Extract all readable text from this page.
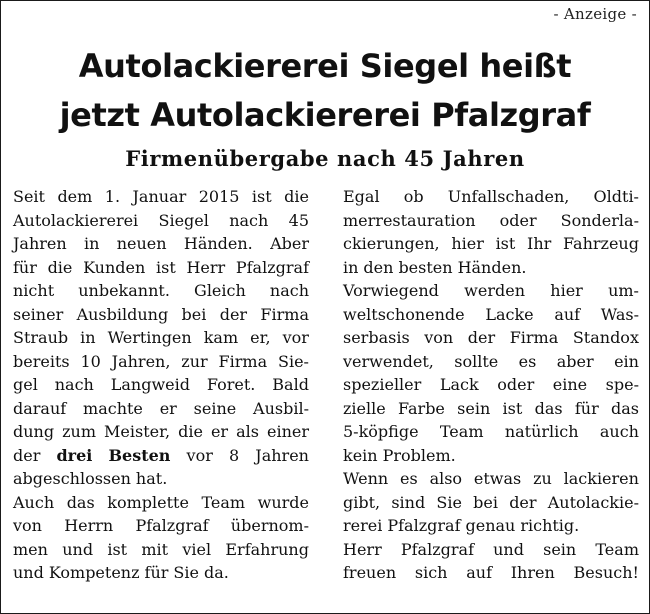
- Anzeige -
Autolackiererei Siegel heißt
jetzt Autolackiererei Pfalzgraf
Firmenübergabe nach 45 Jahren
Seit dem 1. Januar 2015 ist die
Autolackiererei Siegel nach 45
Jahren in neuen Händen. Aber
für die Kunden ist Herr Pfalzgraf
nicht unbekannt. Gleich nach
seiner Ausbildung bei der Firma
Straub in Wertingen kam er, vor
bereits 10 Jahren, zur Firma Sie-
gel nach Langweid Foret. Bald
darauf machte er seine Ausbil-
dung zum Meister, die er als einer
der drei Besten vor 8 Jahren
abgeschlossen hat.
Auch das komplette Team wurde
von Herrn Pfalzgraf übernom-
men und ist mit viel Erfahrung
und Kompetenz für Sie da.
Egal ob Unfallschaden, Oldti-
merrestauration oder Sonderla-
ckierungen, hier ist Ihr Fahrzeug
in den besten Händen.
Vorwiegend werden hier um-
weltschonende Lacke auf Was-
serbasis von der Firma Standox
verwendet, sollte es aber ein
spezieller Lack oder eine spe-
zielle Farbe sein ist das für das
5-köpfige Team natürlich auch
kein Problem.
Wenn es also etwas zu lackieren
gibt, sind Sie bei der Autolackie-
rerei Pfalzgraf genau richtig.
Herr Pfalzgraf und sein Team
freuen sich auf Ihren Besuch!
